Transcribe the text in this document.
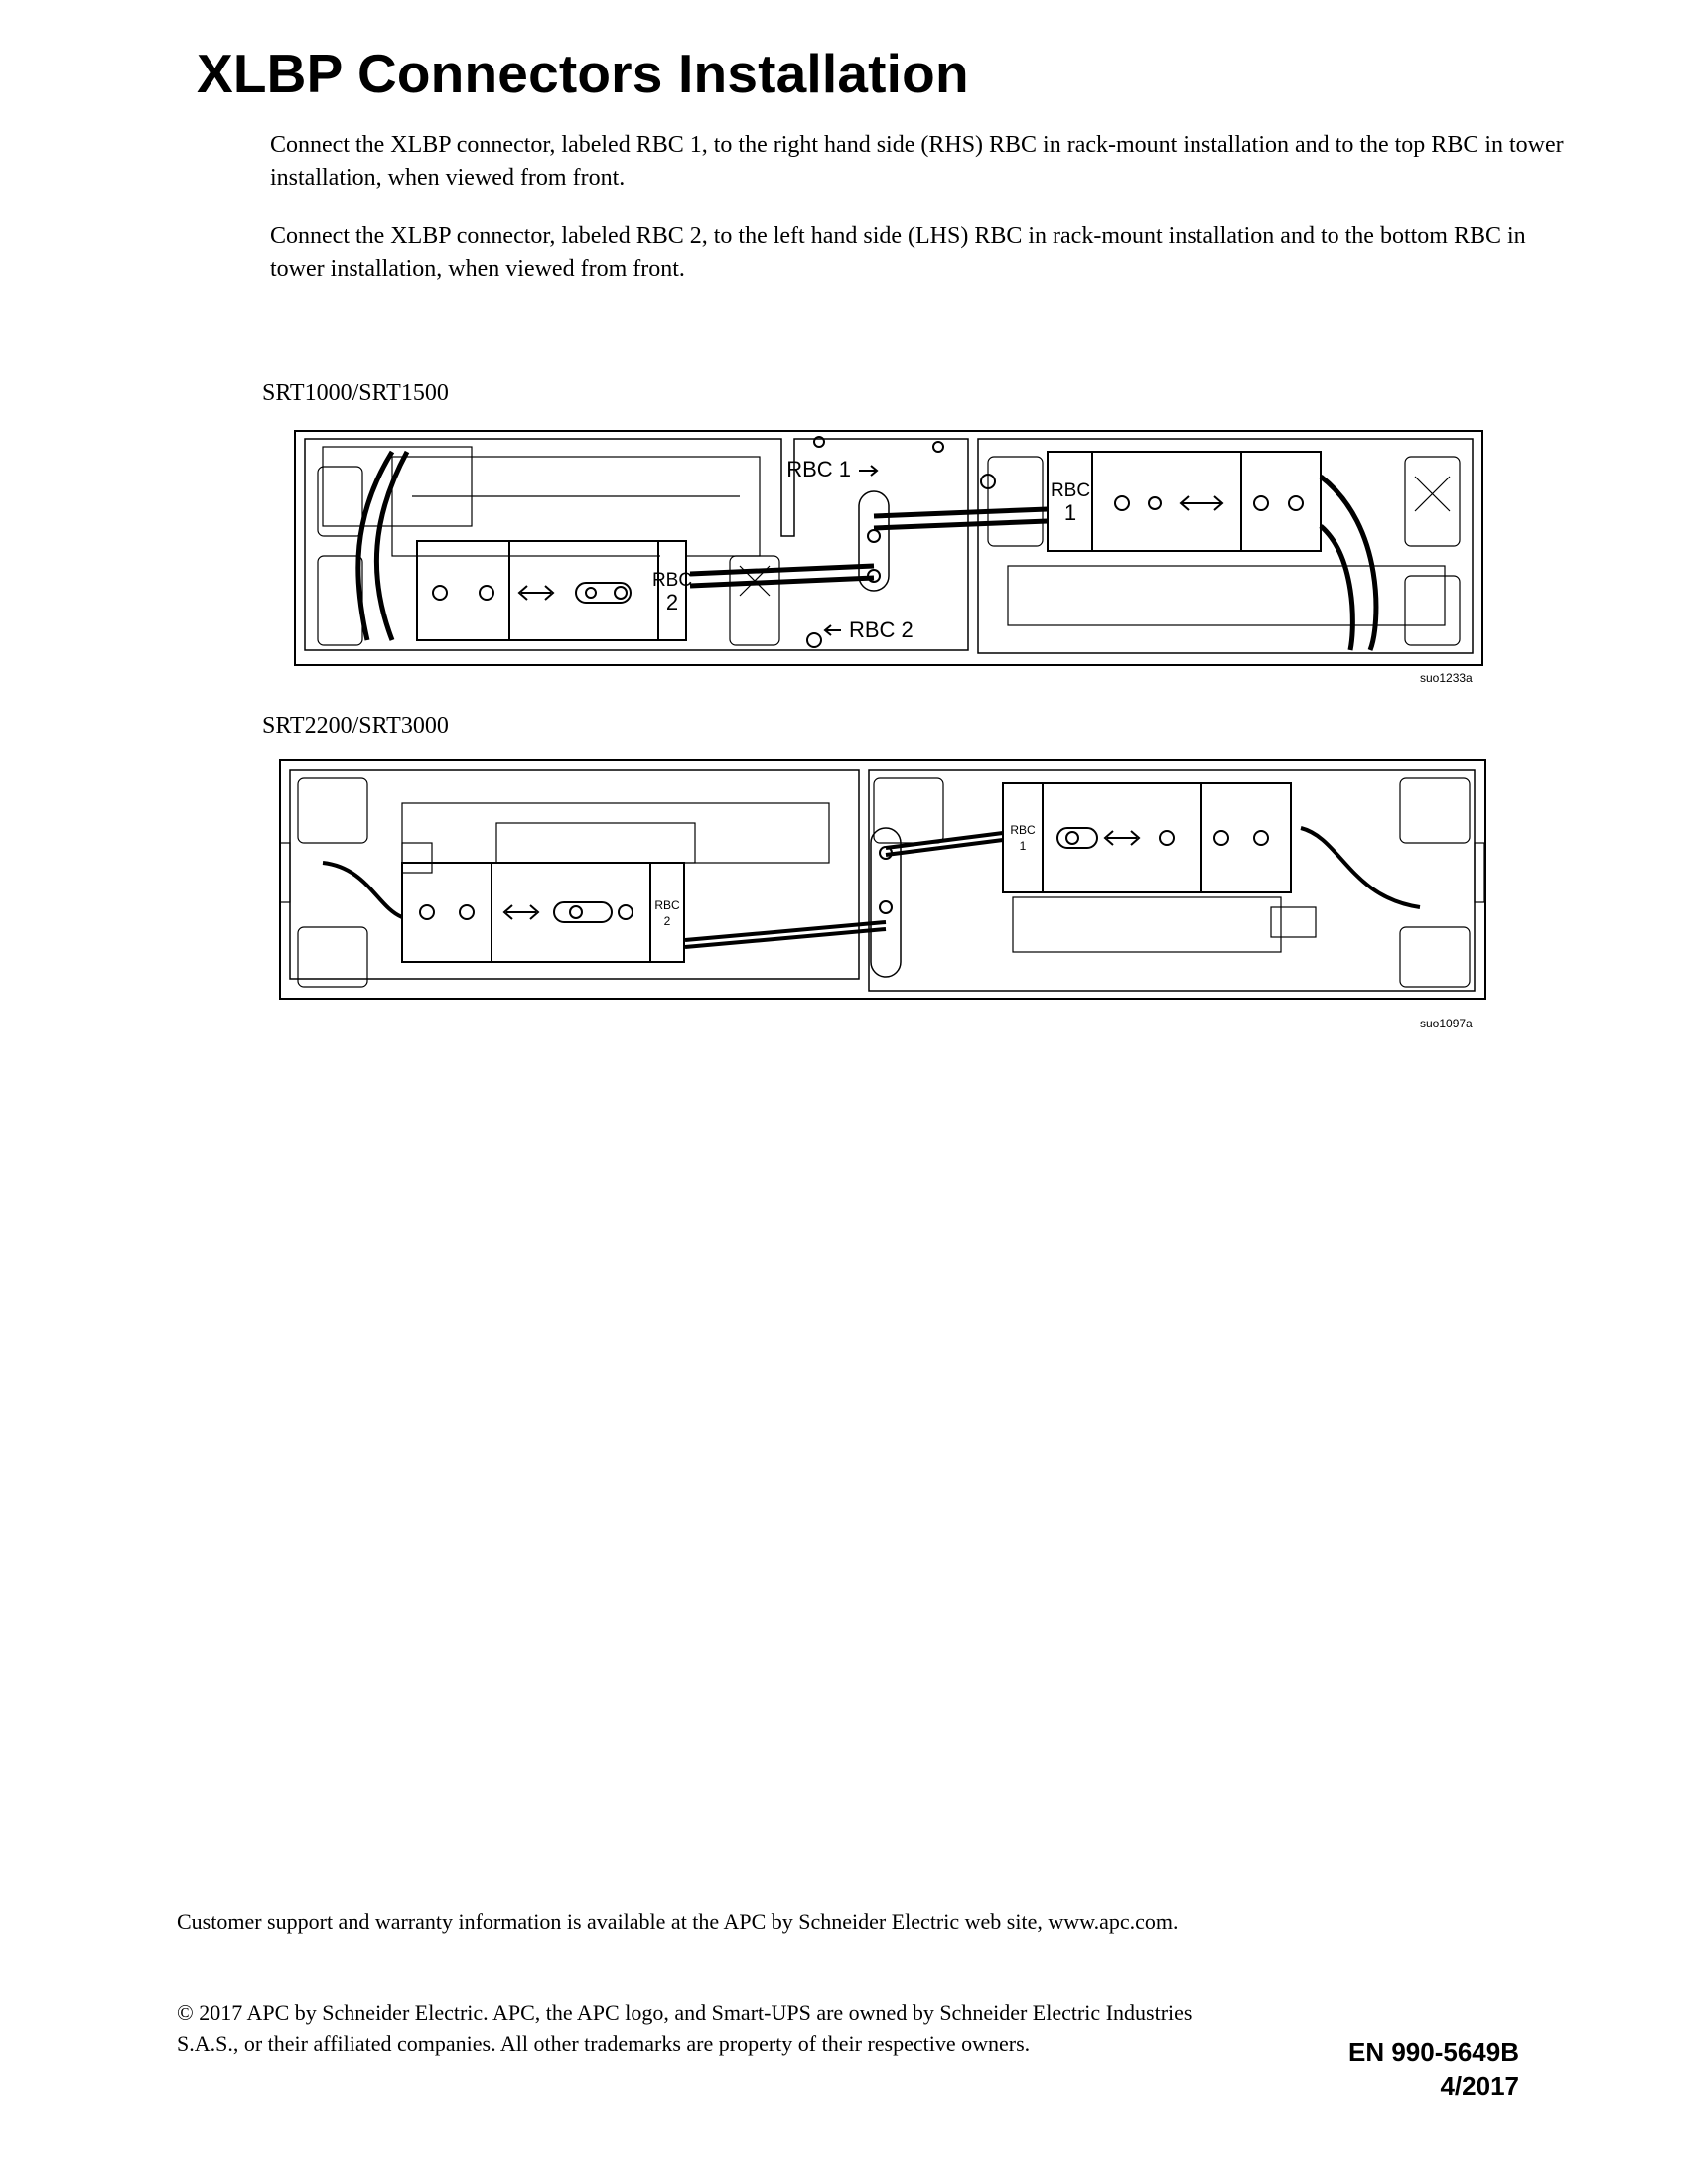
XLBP Connectors Installation

Connect the XLBP connector, labeled RBC 1, to the right hand side (RHS) RBC in rack-mount installation and to the top RBC in tower installation, when viewed from front.

Connect the XLBP connector, labeled RBC 2, to the left hand side (LHS) RBC in rack-mount installation and to the bottom RBC in tower installation, when viewed from front.

SRT1000/SRT1500

RBC
2
RBC
1
RBC 1
RBC 2
suo1233a

SRT2200/SRT3000

RBC
2
RBC
1
suo1097a

Customer support and warranty information is available at the APC by Schneider Electric web site, www.apc.com.

© 2017 APC by Schneider Electric. APC, the APC logo, and Smart-UPS are owned by Schneider Electric Industries S.A.S., or their affiliated companies. All other trademarks are property of their respective owners.	EN 990-5649B
4/2017
